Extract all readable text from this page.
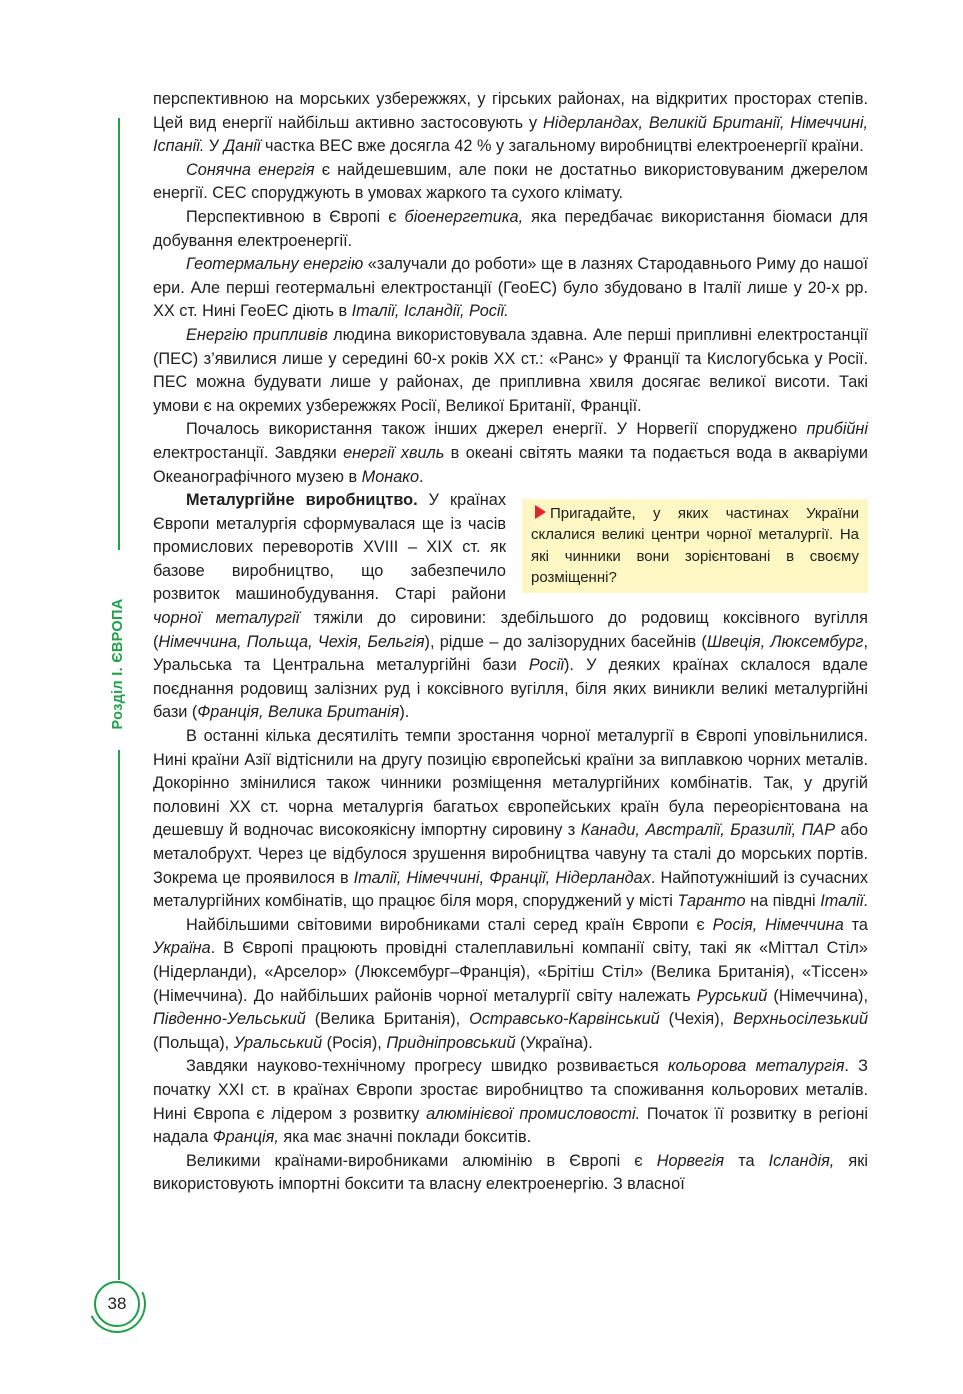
Розділ І. ЄВРОПА
38

перспективною на морських узбережжях, у гірських районах, на відкритих просторах степів. Цей вид енергії найбільш активно застосовують у Нідерландах, Великій Британії, Німеччині, Іспанії. У Данії частка ВЕС вже досягла 42 % у загальному виробництві електроенергії країни.

Сонячна енергія є найдешевшим, але поки не достатньо використовуваним джерелом енергії. СЕС споруджують в умовах жаркого та сухого клімату.

Перспективною в Європі є біоенергетика, яка передбачає використання біомаси для добування електроенергії.

Геотермальну енергію «залучали до роботи» ще в лазнях Стародавнього Риму до нашої ери. Але перші геотермальні електростанції (ГеоЕС) було збудовано в Італії лише у 20-х рр. ХХ ст. Нині ГеоЕС діють в Італії, Ісландії, Росії.

Енергію припливів людина використовувала здавна. Але перші припливні електростанції (ПЕС) з’явилися лише у середині 60-х років ХХ ст.: «Ранс» у Франції та Кислогубська у Росії. ПЕС можна будувати лише у районах, де припливна хвиля досягає великої висоти. Такі умови є на окремих узбережжях Росії, Великої Британії, Франції.

Почалось використання також інших джерел енергії. У Норвегії споруджено прибійні електростанції. Завдяки енергії хвиль в океані світять маяки та подається вода в акваріуми Океанографічного музею в Монако.

Пригадайте, у яких частинах України склалися великі центри чорної металургії. На які чинники вони зорієнтовані в своєму розміщенні?
Металургійне виробництво. У країнах Європи металургія сформувалася ще із часів промислових переворотів XVIII – XIX ст. як базове виробництво, що забезпечило розвиток машинобудування. Старі райони чорної металургії тяжіли до сировини: здебільшого до родовищ коксівного вугілля (Німеччина, Польща, Чехія, Бельгія), рідше – до залізорудних басейнів (Швеція, Люксембург, Уральська та Центральна металургійні бази Росії). У деяких країнах склалося вдале поєднання родовищ залізних руд і коксівного вугілля, біля яких виникли великі металургійні бази (Франція, Велика Британія).

В останні кілька десятиліть темпи зростання чорної металургії в Європі уповільнилися. Нині країни Азії відтіснили на другу позицію європейські країни за виплавкою чорних металів. Докорінно змінилися також чинники розміщення металургійних комбінатів. Так, у другій половині ХХ ст. чорна металургія багатьох європейських країн була переорієнтована на дешевшу й водночас високоякісну імпортну сировину з Канади, Австралії, Бразилії, ПАР або металобрухт. Через це відбулося зрушення виробництва чавуну та сталі до морських портів. Зокрема це проявилося в Італії, Німеччині, Франції, Нідерландах. Найпотужніший із сучасних металургійних комбінатів, що працює біля моря, споруджений у місті Таранто на півдні Італії.

Найбільшими світовими виробниками сталі серед країн Європи є Росія, Німеччина та Україна. В Європі працюють провідні сталеплавильні компанії світу, такі як «Міттал Стіл» (Нідерланди), «Арселор» (Люксембург–Франція), «Брітіш Стіл» (Велика Британія), «Тіссен» (Німеччина). До найбільших районів чорної металургії світу належать Рурський (Німеччина), Південно-Уельський (Велика Британія), Остравсько-Карвінський (Чехія), Верхньосілезький (Польща), Уральський (Росія), Придніпровський (Україна).

Завдяки науково-технічному прогресу швидко розвивається кольорова металургія. З початку XXI ст. в країнах Європи зростає виробництво та споживання кольорових металів. Нині Європа є лідером з розвитку алюмінієвої промисловості. Початок її розвитку в регіоні надала Франція, яка має значні поклади бокситів.

Великими країнами-виробниками алюмінію в Європі є Норвегія та Ісландія, які використовують імпортні боксити та власну електроенергію. З власної
